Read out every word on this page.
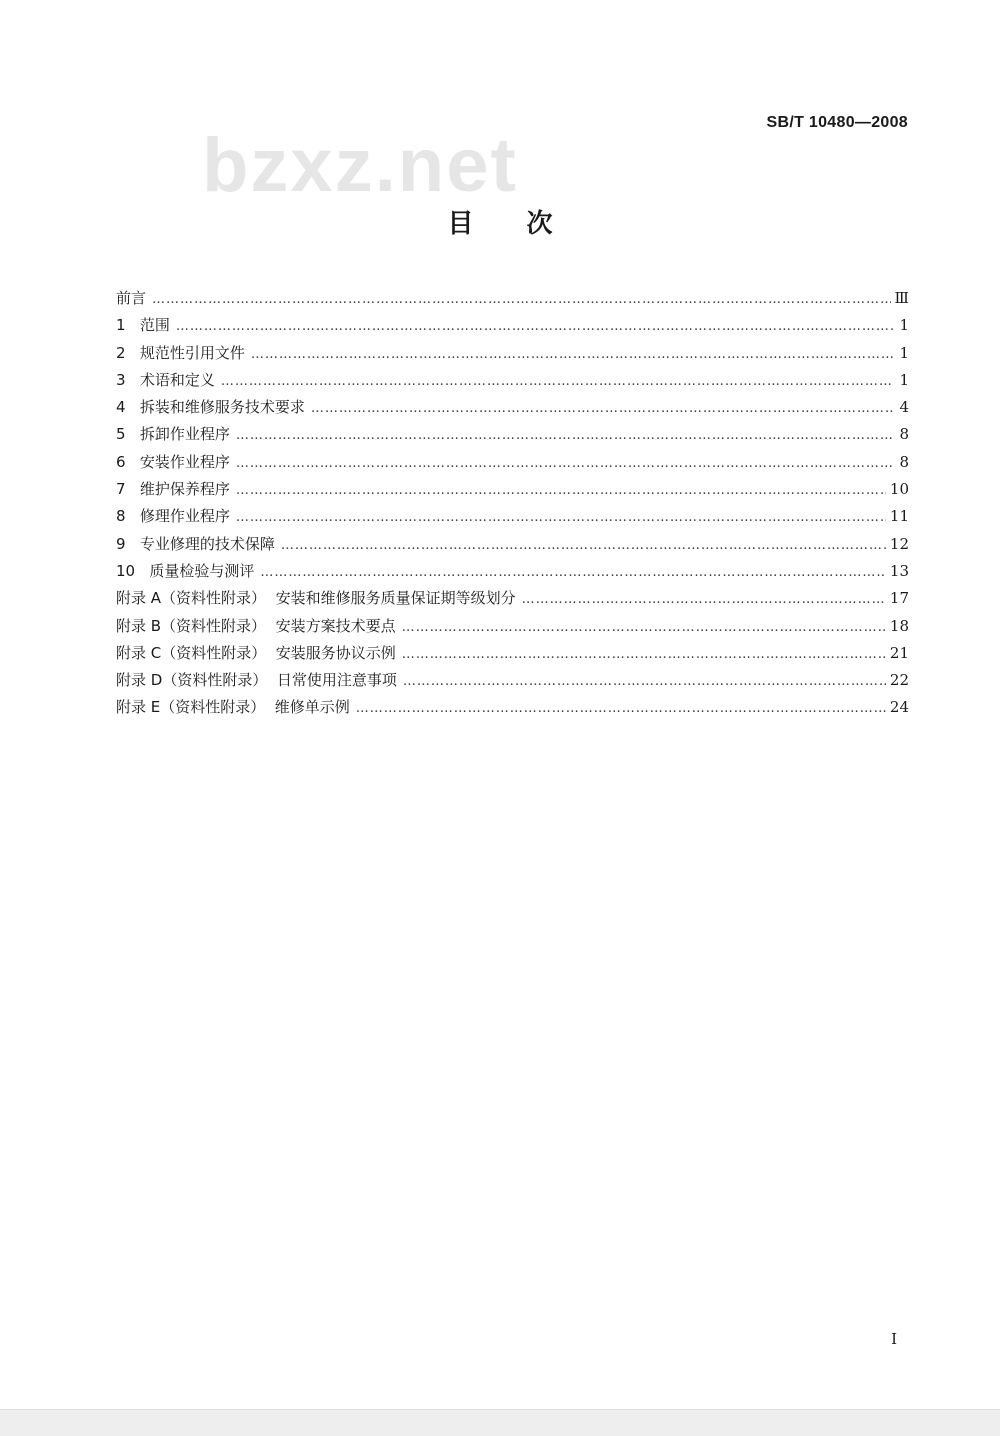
SB/T 10480—2008
bzxz.net
目 次
前言 ………………………………………………………………………………………………………………………………………………………………	Ⅲ
1   范围 ………………………………………………………………………………………………………………………………………………………………	1
2   规范性引用文件 ………………………………………………………………………………………………………………………………………………………………	1
3   术语和定义 ………………………………………………………………………………………………………………………………………………………………	1
4   拆装和维修服务技术要求 ………………………………………………………………………………………………………………………………………………………………	4
5   拆卸作业程序 ………………………………………………………………………………………………………………………………………………………………	8
6   安装作业程序 ………………………………………………………………………………………………………………………………………………………………	8
7   维护保养程序 ………………………………………………………………………………………………………………………………………………………………	10
8   修理作业程序 ………………………………………………………………………………………………………………………………………………………………	11
9   专业修理的技术保障 ………………………………………………………………………………………………………………………………………………………………	12
10   质量检验与测评 ………………………………………………………………………………………………………………………………………………………………	13
附录 A（资料性附录）  安装和维修服务质量保证期等级划分 ………………………………………………………………………………………………………………………………………………………………	17
附录 B（资料性附录）  安装方案技术要点 ………………………………………………………………………………………………………………………………………………………………	18
附录 C（资料性附录）  安装服务协议示例 ………………………………………………………………………………………………………………………………………………………………	21
附录 D（资料性附录）  日常使用注意事项 ………………………………………………………………………………………………………………………………………………………………	22
附录 E（资料性附录）  维修单示例 ………………………………………………………………………………………………………………………………………………………………	24
I
